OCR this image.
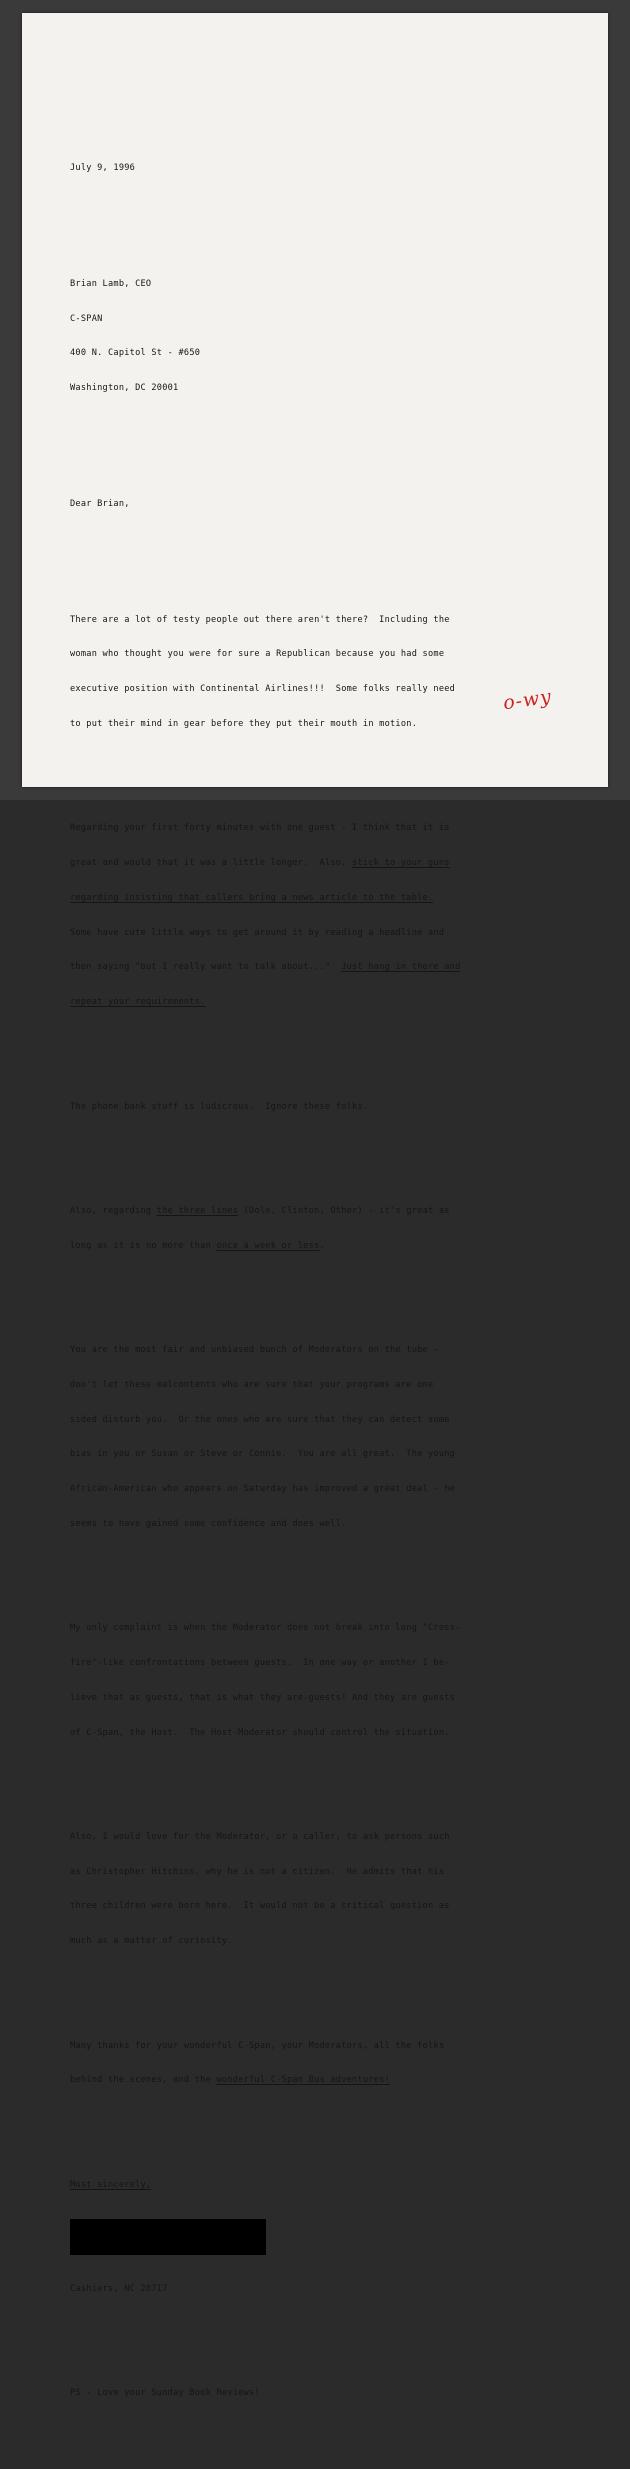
July 9, 1996

Brian Lamb, CEO

C-SPAN

400 N. Capitol St - #650

Washington, DC 20001

Dear Brian,

There are a lot of testy people out there aren't there?  Including the

woman who thought you were for sure a Republican because you had some

executive position with Continental Airlines!!!  Some folks really need

to put their mind in gear before they put their mouth in motion.

Regarding your first forty minutes with one guest - I think that it is

great and would that it was a little longer.  Also, stick to your guns

regarding insisting that callers bring a news article to the table.

Some have cute little ways to get around it by reading a headline and

then saying "but I really want to talk about..."  Just hang in there and

repeat your requirements.

The phone bank stuff is ludicrous.  Ignore these folks.

Also, regarding the three lines (Dole, Clinton, Other) - it's great as

long as it is no more than once a week or less.

You are the most fair and unbiased bunch of Moderators on the tube -

don't let these malcontents who are sure that your programs are one

sided disturb you.  Or the ones who are sure that they can detect some

bias in you or Susan or Steve or Connie.  You are all great.  The young

African-American who appears on Saturday has improved a great deal - he

seems to have gained some confidence and does well.

My only complaint is when the Moderator does not break into long "Cross-

fire"-like confrontations between guests.  In one way or another I be-

lieve that as guests, that is what they are-guests! And they are guests

of C-Span, the Host.  The Host-Moderator should control the situation.

Also, I would love for the Moderator, or a caller, to ask persons such

as Christopher Hitchins, why he is not a citizen.  He admits that his

three children were born here.  It would not be a critical question as

much as a matter of curiosity.

Many thanks for your wonderful C-Span, your Moderators, all the folks

behind the scenes, and the wonderful C-Span Bus adventures!

Most sincerely,

Cashiers, NC 28717

PS - Love your Sunday Book Reviews!

o-wy
